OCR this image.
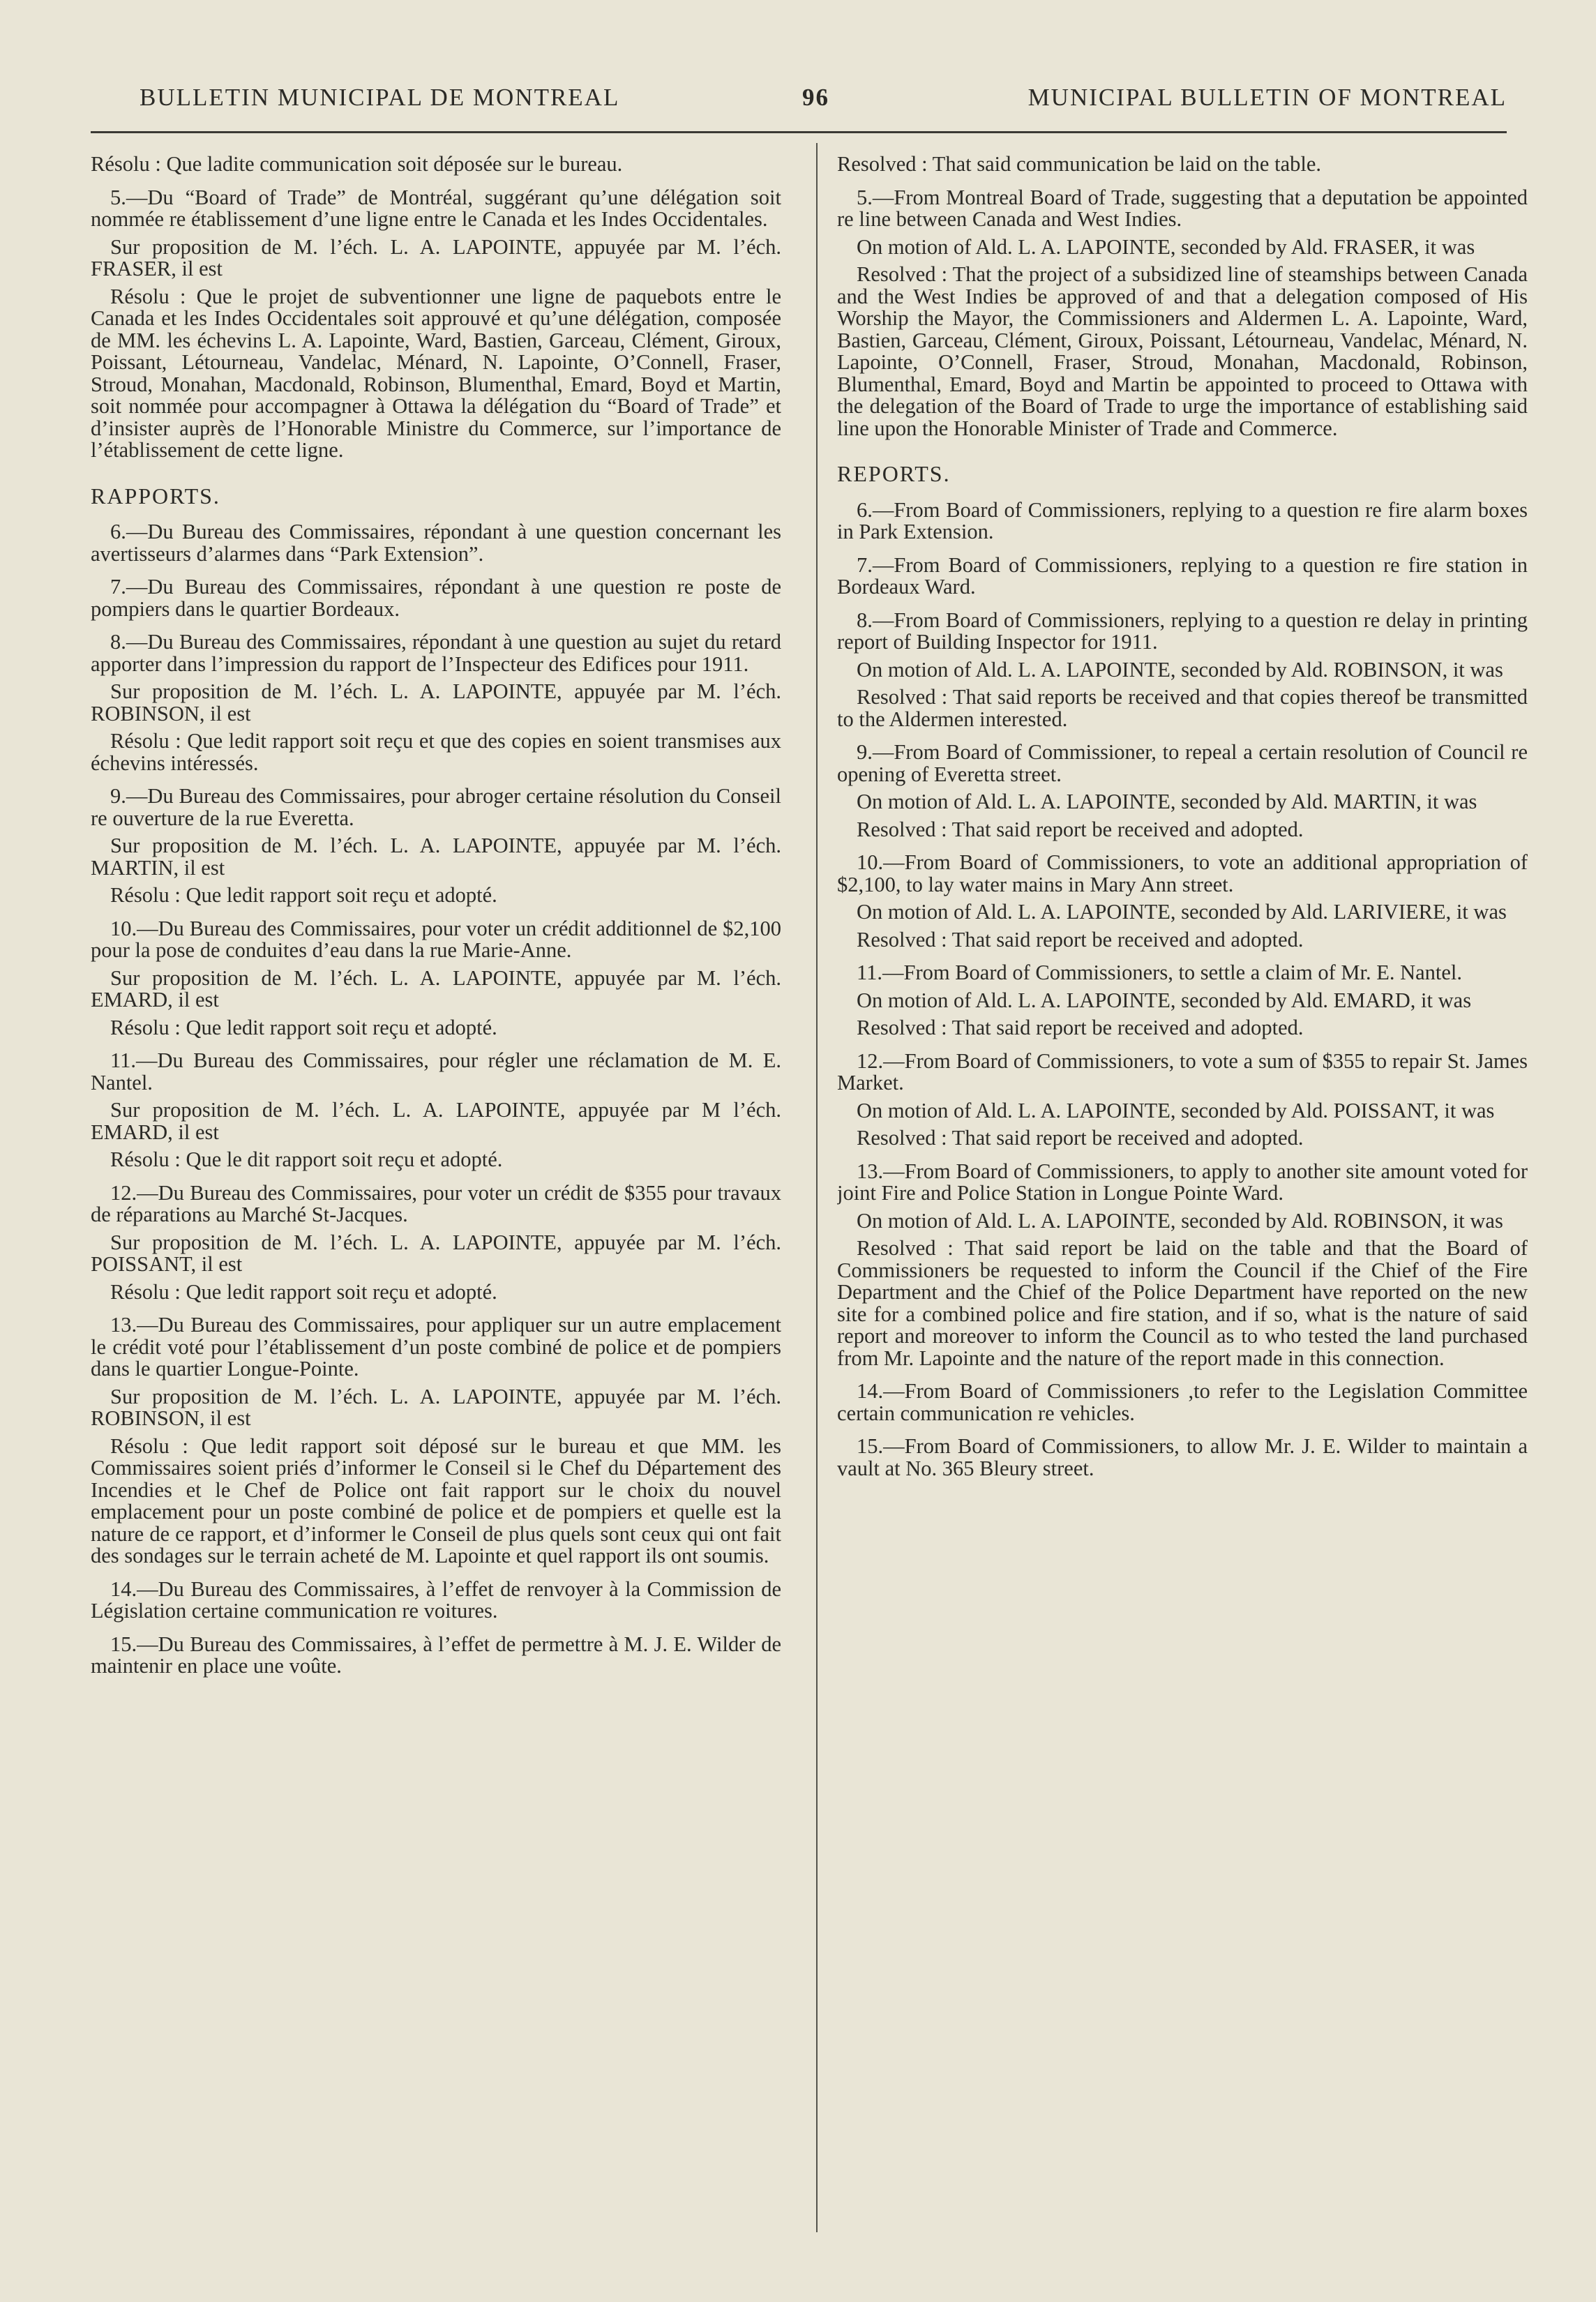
BULLETIN MUNICIPAL DE MONTREAL	96	MUNICIPAL BULLETIN OF MONTREAL

Résolu : Que ladite communication soit déposée sur le bureau.

5.—Du “Board of Trade” de Montréal, suggérant qu’une délégation soit nommée re établissement d’une ligne entre le Canada et les Indes Occidentales.

Sur proposition de M. l’éch. L. A. LAPOINTE, appuyée par M. l’éch. FRASER, il est

Résolu : Que le projet de subventionner une ligne de paquebots entre le Canada et les Indes Occidentales soit approuvé et qu’une délégation, composée de MM. les échevins L. A. Lapointe, Ward, Bastien, Garceau, Clément, Giroux, Poissant, Létourneau, Vandelac, Ménard, N. Lapointe, O’Connell, Fraser, Stroud, Monahan, Macdonald, Robinson, Blumenthal, Emard, Boyd et Martin, soit nommée pour accompagner à Ottawa la délégation du “Board of Trade” et d’insister auprès de l’Honorable Ministre du Commerce, sur l’importance de l’établissement de cette ligne.

RAPPORTS.

6.—Du Bureau des Commissaires, répondant à une question concernant les avertisseurs d’alarmes dans “Park Extension”.

7.—Du Bureau des Commissaires, répondant à une question re poste de pompiers dans le quartier Bordeaux.

8.—Du Bureau des Commissaires, répondant à une question au sujet du retard apporter dans l’impression du rapport de l’Inspecteur des Edifices pour 1911.

Sur proposition de M. l’éch. L. A. LAPOINTE, appuyée par M. l’éch. ROBINSON, il est

Résolu : Que ledit rapport soit reçu et que des copies en soient transmises aux échevins intéressés.

9.—Du Bureau des Commissaires, pour abroger certaine résolution du Conseil re ouverture de la rue Everetta.

Sur proposition de M. l’éch. L. A. LAPOINTE, appuyée par M. l’éch. MARTIN, il est

Résolu : Que ledit rapport soit reçu et adopté.

10.—Du Bureau des Commissaires, pour voter un crédit additionnel de $2,100 pour la pose de conduites d’eau dans la rue Marie-Anne.

Sur proposition de M. l’éch. L. A. LAPOINTE, appuyée par M. l’éch. EMARD, il est

Résolu : Que ledit rapport soit reçu et adopté.

11.—Du Bureau des Commissaires, pour régler une réclamation de M. E. Nantel.

Sur proposition de M. l’éch. L. A. LAPOINTE, appuyée par M l’éch. EMARD, il est

Résolu : Que le dit rapport soit reçu et adopté.

12.—Du Bureau des Commissaires, pour voter un crédit de $355 pour travaux de réparations au Marché St-Jacques.

Sur proposition de M. l’éch. L. A. LAPOINTE, appuyée par M. l’éch. POISSANT, il est

Résolu : Que ledit rapport soit reçu et adopté.

13.—Du Bureau des Commissaires, pour appliquer sur un autre emplacement le crédit voté pour l’établissement d’un poste combiné de police et de pompiers dans le quartier Longue-Pointe.

Sur proposition de M. l’éch. L. A. LAPOINTE, appuyée par M. l’éch. ROBINSON, il est

Résolu : Que ledit rapport soit déposé sur le bureau et que MM. les Commissaires soient priés d’informer le Conseil si le Chef du Département des Incendies et le Chef de Police ont fait rapport sur le choix du nouvel emplacement pour un poste combiné de police et de pompiers et quelle est la nature de ce rapport, et d’informer le Conseil de plus quels sont ceux qui ont fait des sondages sur le terrain acheté de M. Lapointe et quel rapport ils ont soumis.

14.—Du Bureau des Commissaires, à l’effet de renvoyer à la Commission de Législation certaine communication re voitures.

15.—Du Bureau des Commissaires, à l’effet de permettre à M. J. E. Wilder de maintenir en place une voûte.

Resolved : That said communication be laid on the table.

5.—From Montreal Board of Trade, suggesting that a deputation be appointed re line between Canada and West Indies.

On motion of Ald. L. A. LAPOINTE, seconded by Ald. FRASER, it was

Resolved : That the project of a subsidized line of steamships between Canada and the West Indies be approved of and that a delegation composed of His Worship the Mayor, the Commissioners and Aldermen L. A. Lapointe, Ward, Bastien, Garceau, Clément, Giroux, Poissant, Létourneau, Vandelac, Ménard, N. Lapointe, O’Connell, Fraser, Stroud, Monahan, Macdonald, Robinson, Blumenthal, Emard, Boyd and Martin be appointed to proceed to Ottawa with the delegation of the Board of Trade to urge the importance of establishing said line upon the Honorable Minister of Trade and Commerce.

REPORTS.

6.—From Board of Commissioners, replying to a question re fire alarm boxes in Park Extension.

7.—From Board of Commissioners, replying to a question re fire station in Bordeaux Ward.

8.—From Board of Commissioners, replying to a question re delay in printing report of Building Inspector for 1911.

On motion of Ald. L. A. LAPOINTE, seconded by Ald. ROBINSON, it was

Resolved : That said reports be received and that copies thereof be transmitted to the Aldermen interested.

9.—From Board of Commissioner, to repeal a certain resolution of Council re opening of Everetta street.

On motion of Ald. L. A. LAPOINTE, seconded by Ald. MARTIN, it was

Resolved : That said report be received and adopted.

10.—From Board of Commissioners, to vote an additional appropriation of $2,100, to lay water mains in Mary Ann street.

On motion of Ald. L. A. LAPOINTE, seconded by Ald. LARIVIERE, it was

Resolved : That said report be received and adopted.

11.—From Board of Commissioners, to settle a claim of Mr. E. Nantel.

On motion of Ald. L. A. LAPOINTE, seconded by Ald. EMARD, it was

Resolved : That said report be received and adopted.

12.—From Board of Commissioners, to vote a sum of $355 to repair St. James Market.

On motion of Ald. L. A. LAPOINTE, seconded by Ald. POISSANT, it was

Resolved : That said report be received and adopted.

13.—From Board of Commissioners, to apply to another site amount voted for joint Fire and Police Station in Longue Pointe Ward.

On motion of Ald. L. A. LAPOINTE, seconded by Ald. ROBINSON, it was

Resolved : That said report be laid on the table and that the Board of Commissioners be requested to inform the Council if the Chief of the Fire Department and the Chief of the Police Department have reported on the new site for a combined police and fire station, and if so, what is the nature of said report and moreover to inform the Council as to who tested the land purchased from Mr. Lapointe and the nature of the report made in this connection.

14.—From Board of Commissioners ,to refer to the Legislation Committee certain communication re vehicles.

15.—From Board of Commissioners, to allow Mr. J. E. Wilder to maintain a vault at No. 365 Bleury street.
